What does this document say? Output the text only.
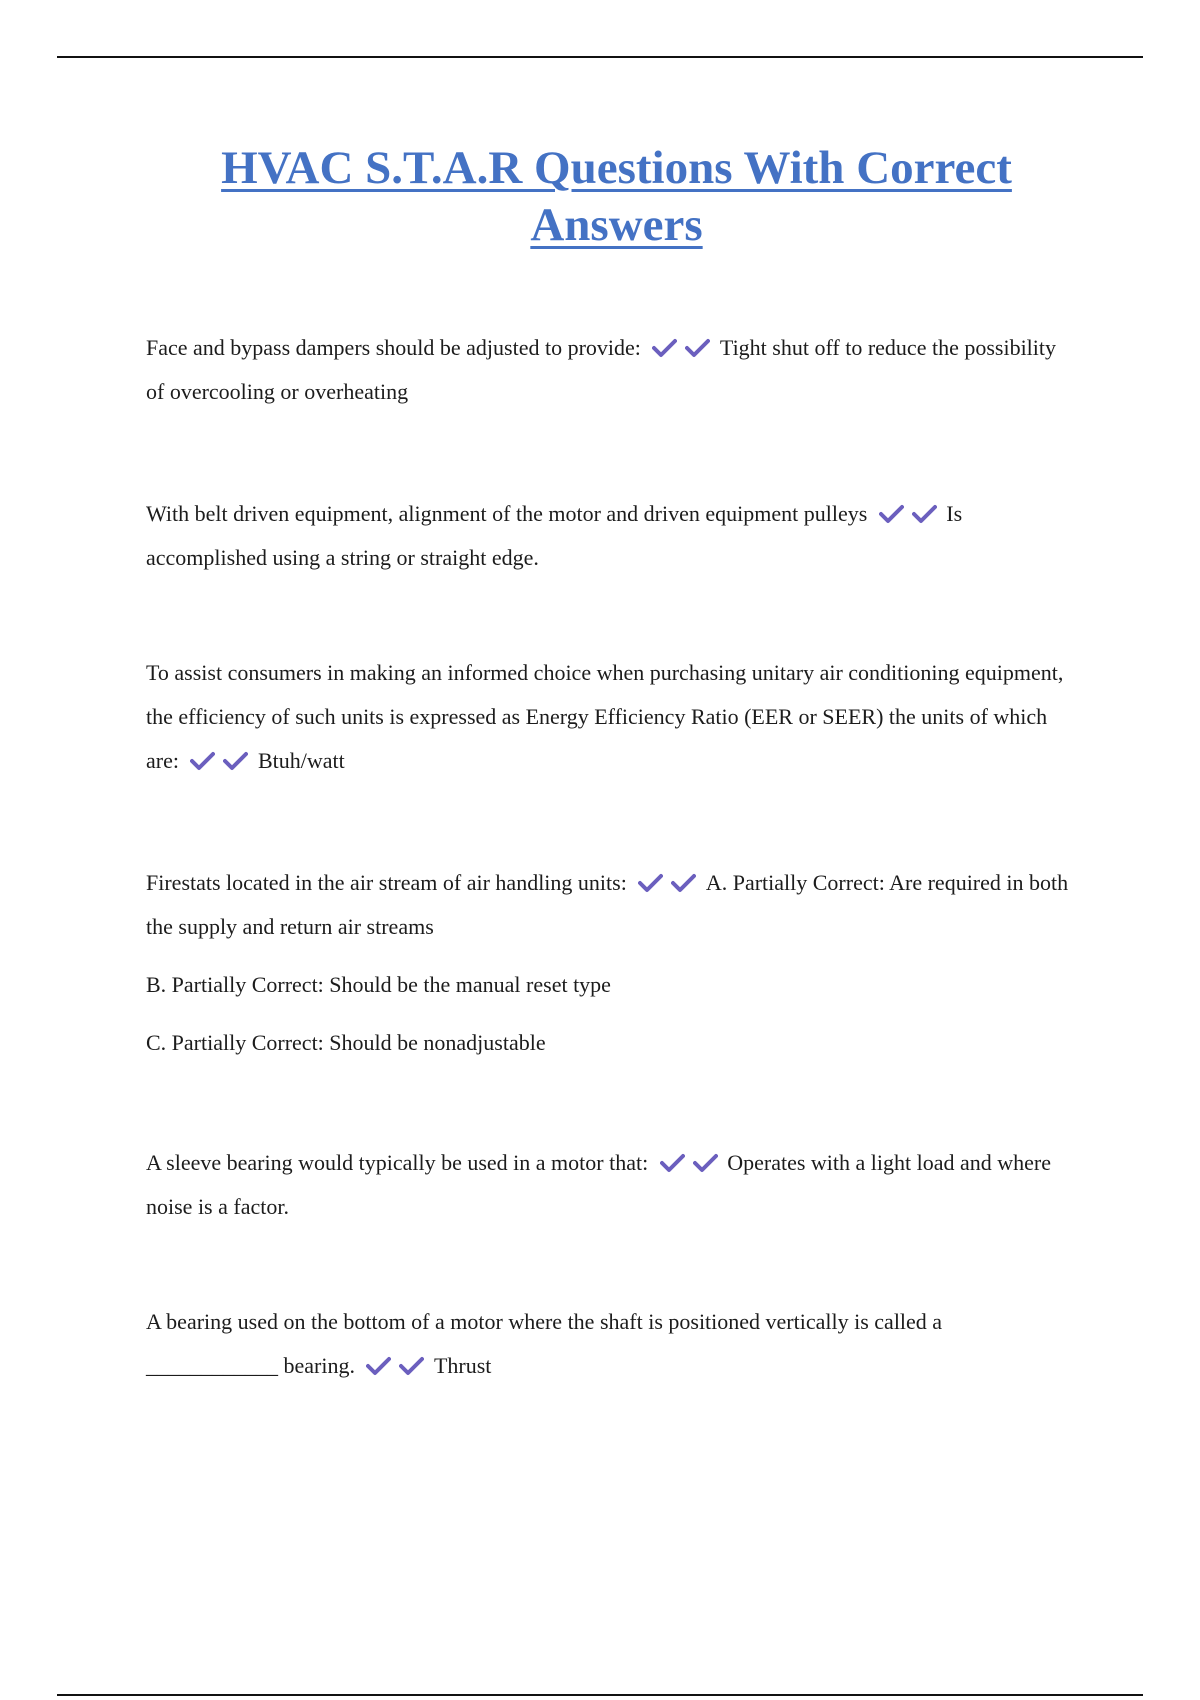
HVAC S.T.A.R Questions With Correct
Answers

Face and bypass dampers should be adjusted to provide:	Tight shut off to reduce the possibility of overcooling or overheating

With belt driven equipment, alignment of the motor and driven equipment pulleys	Is accomplished using a string or straight edge.

To assist consumers in making an informed choice when purchasing unitary air conditioning equipment, the efficiency of such units is expressed as Energy Efficiency Ratio (EER or SEER) the units of which are:	Btuh/watt

Firestats located in the air stream of air handling units:	A. Partially Correct: Are required in both the supply and return air streams

B. Partially Correct: Should be the manual reset type

C. Partially Correct: Should be nonadjustable

A sleeve bearing would typically be used in a motor that:	Operates with a light load and where noise is a factor.

A bearing used on the bottom of a motor where the shaft is positioned vertically is called a ____________ bearing.	Thrust
